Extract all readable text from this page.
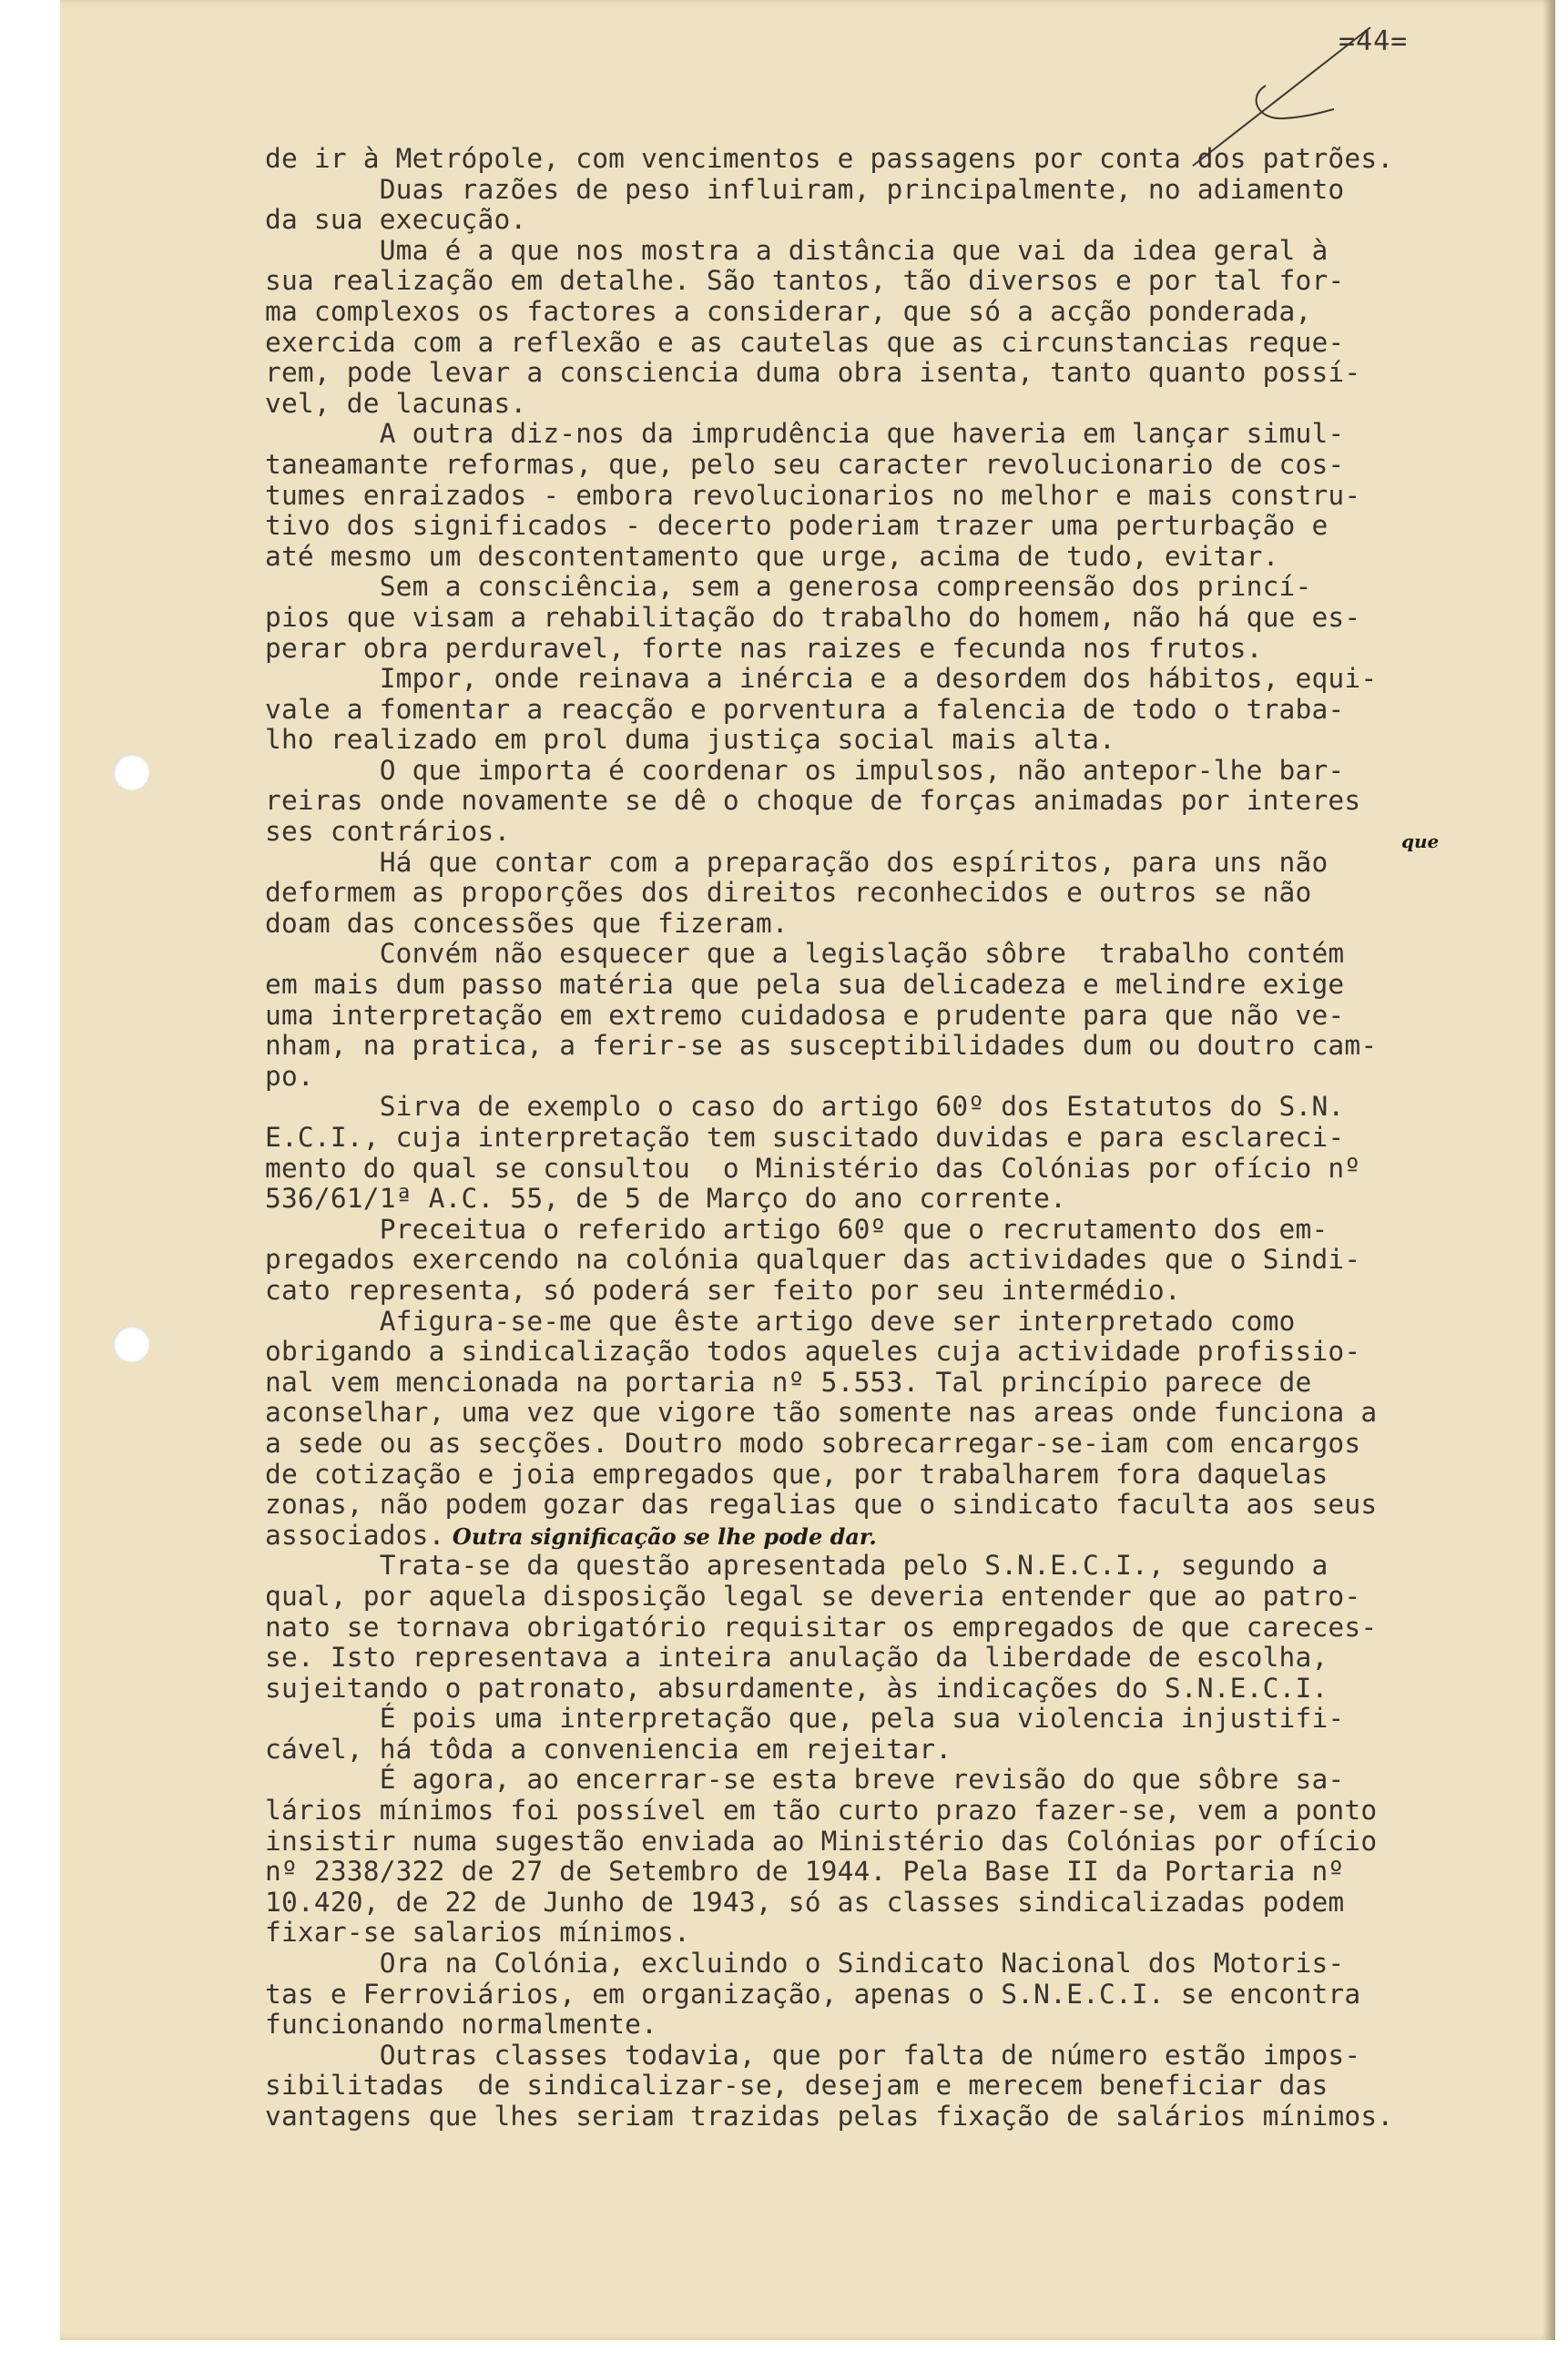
=44=
que
de ir à Metrópole, com vencimentos e passagens por conta dos patrões.
Duas razões de peso influiram, principalmente, no adiamento
da sua execução.
Uma é a que nos mostra a distância que vai da idea geral à
sua realização em detalhe. São tantos, tão diversos e por tal for-
ma complexos os factores a considerar, que só a acção ponderada,
exercida com a reflexão e as cautelas que as circunstancias reque-
rem, pode levar a consciencia duma obra isenta, tanto quanto possí-
vel, de lacunas.
A outra diz-nos da imprudência que haveria em lançar simul-
taneamante reformas, que, pelo seu caracter revolucionario de cos-
tumes enraizados - embora revolucionarios no melhor e mais constru-
tivo dos significados - decerto poderiam trazer uma perturbação e
até mesmo um descontentamento que urge, acima de tudo, evitar.
Sem a consciência, sem a generosa compreensão dos princí-
pios que visam a rehabilitação do trabalho do homem, não há que es-
perar obra perduravel, forte nas raizes e fecunda nos frutos.
Impor, onde reinava a inércia e a desordem dos hábitos, equi-
vale a fomentar a reacção e porventura a falencia de todo o traba-
lho realizado em prol duma justiça social mais alta.
O que importa é coordenar os impulsos, não antepor-lhe bar-
reiras onde novamente se dê o choque de forças animadas por interes
ses contrários.
Há que contar com a preparação dos espíritos, para uns não
deformem as proporções dos direitos reconhecidos e outros se não
doam das concessões que fizeram.
Convém não esquecer que a legislação sôbre  trabalho contém
em mais dum passo matéria que pela sua delicadeza e melindre exige
uma interpretação em extremo cuidadosa e prudente para que não ve-
nham, na pratica, a ferir-se as susceptibilidades dum ou doutro cam-
po.
Sirva de exemplo o caso do artigo 60º dos Estatutos do S.N.
E.C.I., cuja interpretação tem suscitado duvidas e para esclareci-
mento do qual se consultou  o Ministério das Colónias por ofício nº
536/61/1ª A.C. 55, de 5 de Março do ano corrente.
Preceitua o referido artigo 60º que o recrutamento dos em-
pregados exercendo na colónia qualquer das actividades que o Sindi-
cato representa, só poderá ser feito por seu intermédio.
Afigura-se-me que êste artigo deve ser interpretado como
obrigando a sindicalização todos aqueles cuja actividade profissio-
nal vem mencionada na portaria nº 5.553. Tal princípio parece de
aconselhar, uma vez que vigore tão somente nas areas onde funciona a
a sede ou as secções. Doutro modo sobrecarregar-se-iam com encargos
de cotização e joia empregados que, por trabalharem fora daquelas
zonas, não podem gozar das regalias que o sindicato faculta aos seus
associados. Outra significação se lhe pode dar.
Trata-se da questão apresentada pelo S.N.E.C.I., segundo a
qual, por aquela disposição legal se deveria entender que ao patro-
nato se tornava obrigatório requisitar os empregados de que careces-
se. Isto representava a inteira anulação da liberdade de escolha,
sujeitando o patronato, absurdamente, às indicações do S.N.E.C.I.
É pois uma interpretação que, pela sua violencia injustifi-
cável, há tôda a conveniencia em rejeitar.
É agora, ao encerrar-se esta breve revisão do que sôbre sa-
lários mínimos foi possível em tão curto prazo fazer-se, vem a ponto
insistir numa sugestão enviada ao Ministério das Colónias por ofício
nº 2338/322 de 27 de Setembro de 1944. Pela Base II da Portaria nº
10.420, de 22 de Junho de 1943, só as classes sindicalizadas podem
fixar-se salarios mínimos.
Ora na Colónia, excluindo o Sindicato Nacional dos Motoris-
tas e Ferroviários, em organização, apenas o S.N.E.C.I. se encontra
funcionando normalmente.
Outras classes todavia, que por falta de número estão impos-
sibilitadas  de sindicalizar-se, desejam e merecem beneficiar das
vantagens que lhes seriam trazidas pelas fixação de salários mínimos.
